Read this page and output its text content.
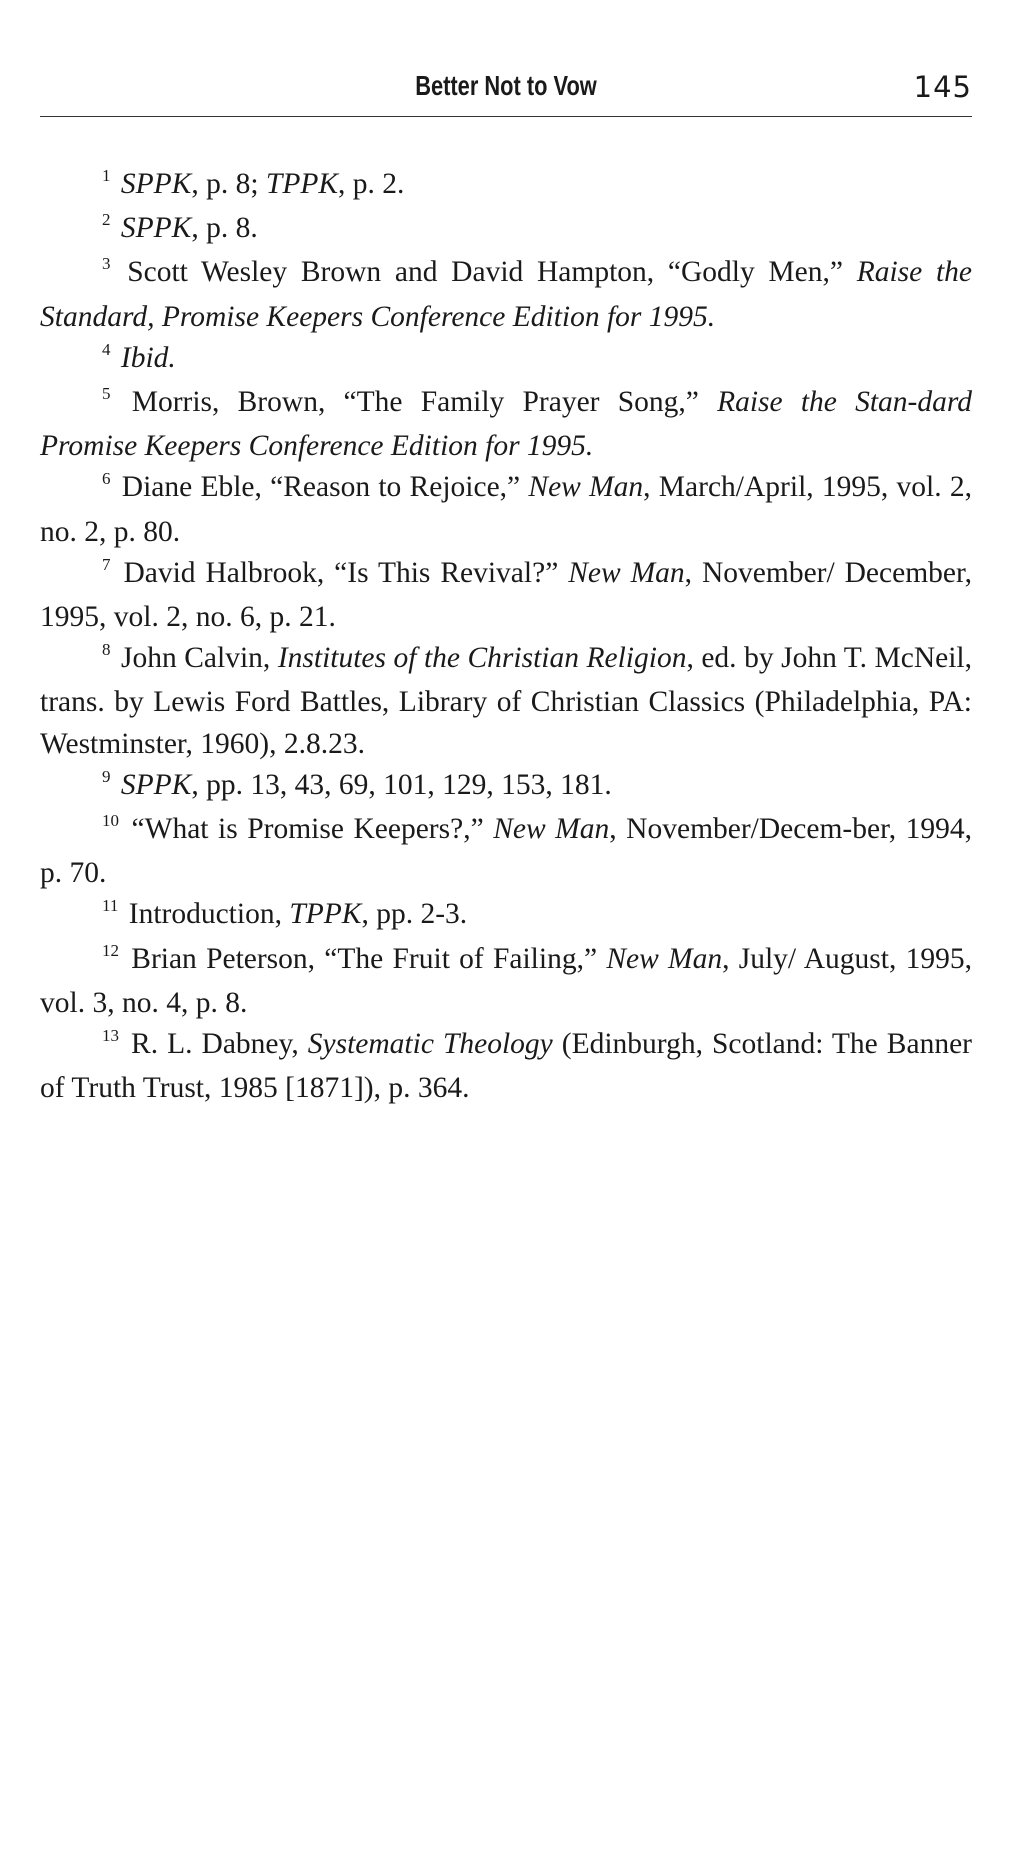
Better Not to Vow	145

$^1$ SPPK, p. 8; TPPK, p. 2.

$^2$ SPPK, p. 8.

$^3$ Scott Wesley Brown and David Hampton, “Godly Men,” Raise the Standard, Promise Keepers Conference Edition for 1995.

$^4$ Ibid.

$^5$ Morris, Brown, “The Family Prayer Song,” Raise the Stan-dard Promise Keepers Conference Edition for 1995.

$^6$ Diane Eble, “Reason to Rejoice,” New Man, March/April, 1995, vol. 2, no. 2, p. 80.

$^7$ David Halbrook, “Is This Revival?” New Man, November/ December, 1995, vol. 2, no. 6, p. 21.

$^8$ John Calvin, Institutes of the Christian Religion, ed. by John T. McNeil, trans. by Lewis Ford Battles, Library of Christian Classics (Philadelphia, PA: Westminster, 1960), 2.8.23.

$^9$ SPPK, pp. 13, 43, 69, 101, 129, 153, 181.

$^{10}$ “What is Promise Keepers?,” New Man, November/Decem-ber, 1994, p. 70.

$^{11}$ Introduction, TPPK, pp. 2-3.

$^{12}$ Brian Peterson, “The Fruit of Failing,” New Man, July/ August, 1995, vol. 3, no. 4, p. 8.

$^{13}$ R. L. Dabney, Systematic Theology (Edinburgh, Scotland: The Banner of Truth Trust, 1985 [1871]), p. 364.
